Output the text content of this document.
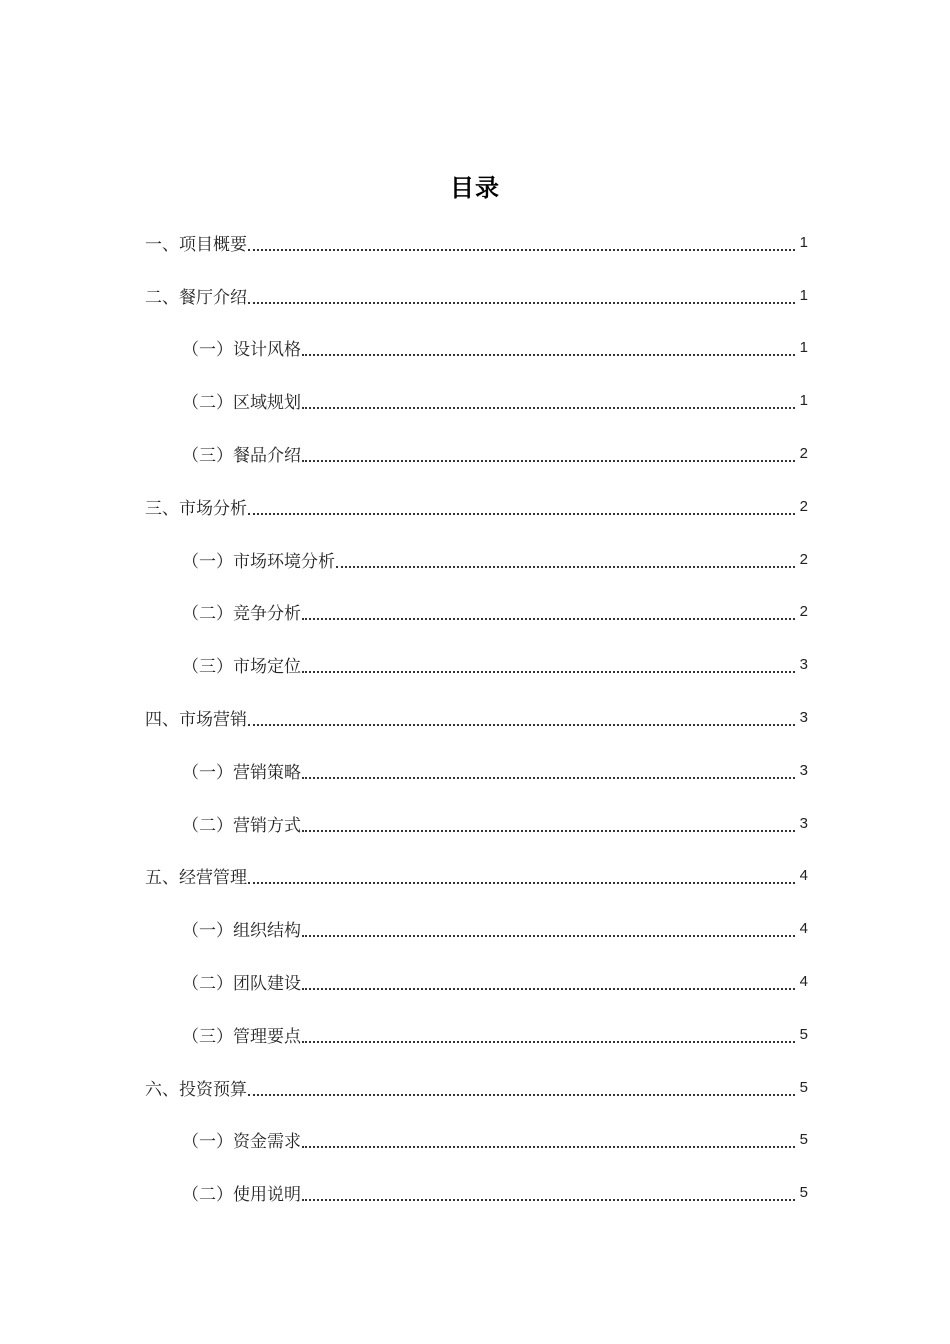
目录
一、项目概要	1
二、餐厅介绍	1
（一）设计风格	1
（二）区域规划	1
（三）餐品介绍	2
三、市场分析	2
（一）市场环境分析	2
（二）竞争分析	2
（三）市场定位	3
四、市场营销	3
（一）营销策略	3
（二）营销方式	3
五、经营管理	4
（一）组织结构	4
（二）团队建设	4
（三）管理要点	5
六、投资预算	5
（一）资金需求	5
（二）使用说明	5
